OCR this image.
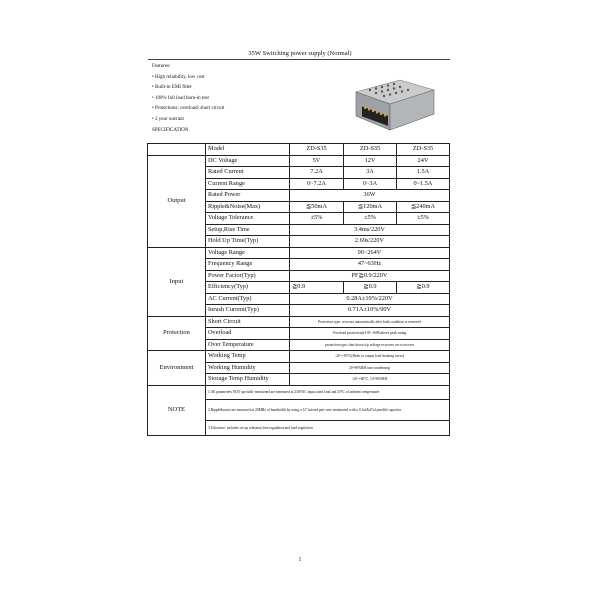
35W Switching power supply (Normal)
Features:
• High reliability, low cost
• Built-in EMI filter
• 100% full load burn-in test
• Protections: overload/ short circuit
• 2 year warrant
SPECIFICATION
	Model	ZD-S35	ZD-S35	ZD-S35
Output	DC Voltage	5V	12V	24V
	Rated Current	7.2A	3A	1.5A
	Current Range	0~7.2A	0~3A	0~1.5A
	Rated Power	36W		
	Ripple&Noise(Max)	≦50mA	≦120mA	≦240mA
	Voltage Tolerance	±5%	±5%	±5%
	Setup,Rise Time	3.4ms/220V		
	Hold Up Time(Typ)	2.69s/220V		
Input	Voltage Range	90~264V		
	Frequency Range	47~63Hz		
	Power Factor(Typ)	PF≧0.9/220V		
	Efficiency(Typ)	≧0.9	≧0.9	≧0.9
	AC Current(Typ)	0.28A±10%/220V		
	Inrush Current(Typ)	0.71A±10%/90V		
Protection	Short Circuit	Protection type: recovers automatically after fault condition is removed		
	Overload	Overload protection@105~160%above peak rating		
	Over Temperature	protection type: shut down o/p voltage re-power on to recover		
Environment	Working Temp	-20~+50℃(Refer to output load derating curve)		
	Working Humidity	20~90%RH non-condensing		
	Storage Temp Humidity	-20~+60℃, 10~90%RH		
NOTE	1.All parameters NOT specially mentioned are measured at 230VAC input,rated load and 25℃ of ambient temperature			
	2.Ripple&noise are measured at 20MHz of bandwidth by using a 12"twisted pair-wire terminated with a 0.1uf&47uf parallel capacitor			
	3.Tolerance: includes set up tolerance,line regulation and load regulation.			
1
